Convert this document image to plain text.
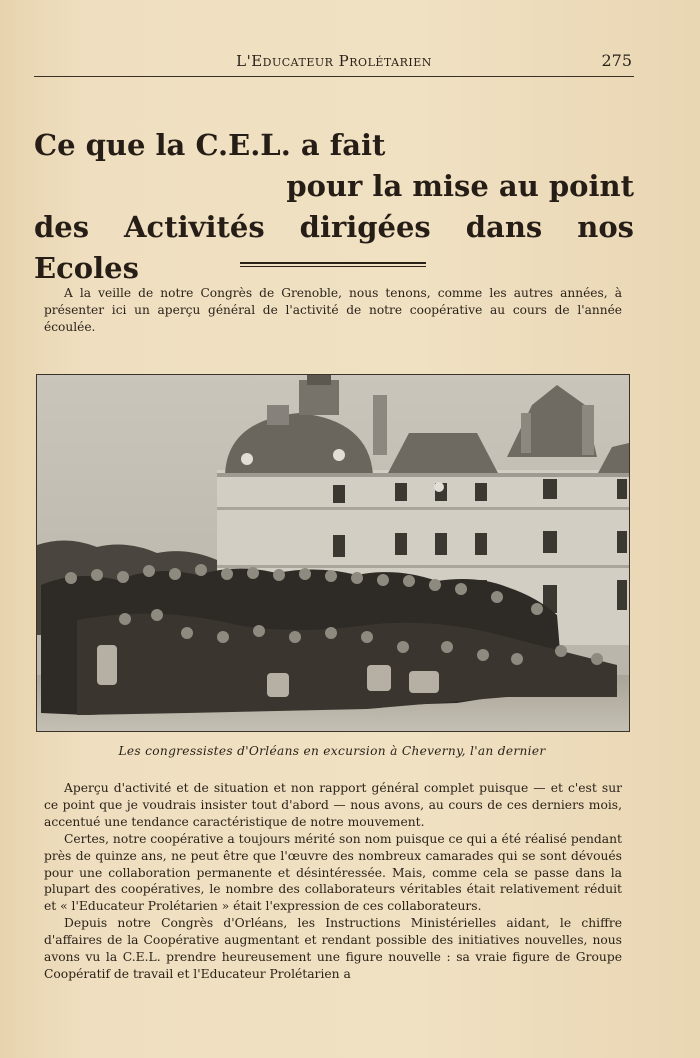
L'Educateur Prolétarien	275
Ce que la C.E.L. a fait
pour la mise au point
des Activités dirigées dans nos Ecoles
A la veille de notre Congrès de Grenoble, nous tenons, comme les autres années, à présenter ici un aperçu général de l'activité de notre coopérative au cours de l'année écoulée.
Les congressistes d'Orléans en excursion à Cheverny, l'an dernier

Aperçu d'activité et de situation et non rapport général complet puisque — et c'est sur ce point que je voudrais insister tout d'abord — nous avons, au cours de ces derniers mois, accentué une tendance caractéristique de notre mouvement.

Certes, notre coopérative a toujours mérité son nom puisque ce qui a été réalisé pendant près de quinze ans, ne peut être que l'œuvre des nombreux camarades qui se sont dévoués pour une collaboration permanente et désintéressée. Mais, comme cela se passe dans la plupart des coopératives, le nombre des collaborateurs véritables était relativement réduit et « l'Educateur Prolétarien » était l'expression de ces collaborateurs.

Depuis notre Congrès d'Orléans, les Instructions Ministérielles aidant, le chiffre d'affaires de la Coopérative augmentant et rendant possible des initiatives nouvelles, nous avons vu la C.E.L. prendre heureusement une figure nouvelle : sa vraie figure de Groupe Coopératif de travail et l'Educateur Prolétarien a
